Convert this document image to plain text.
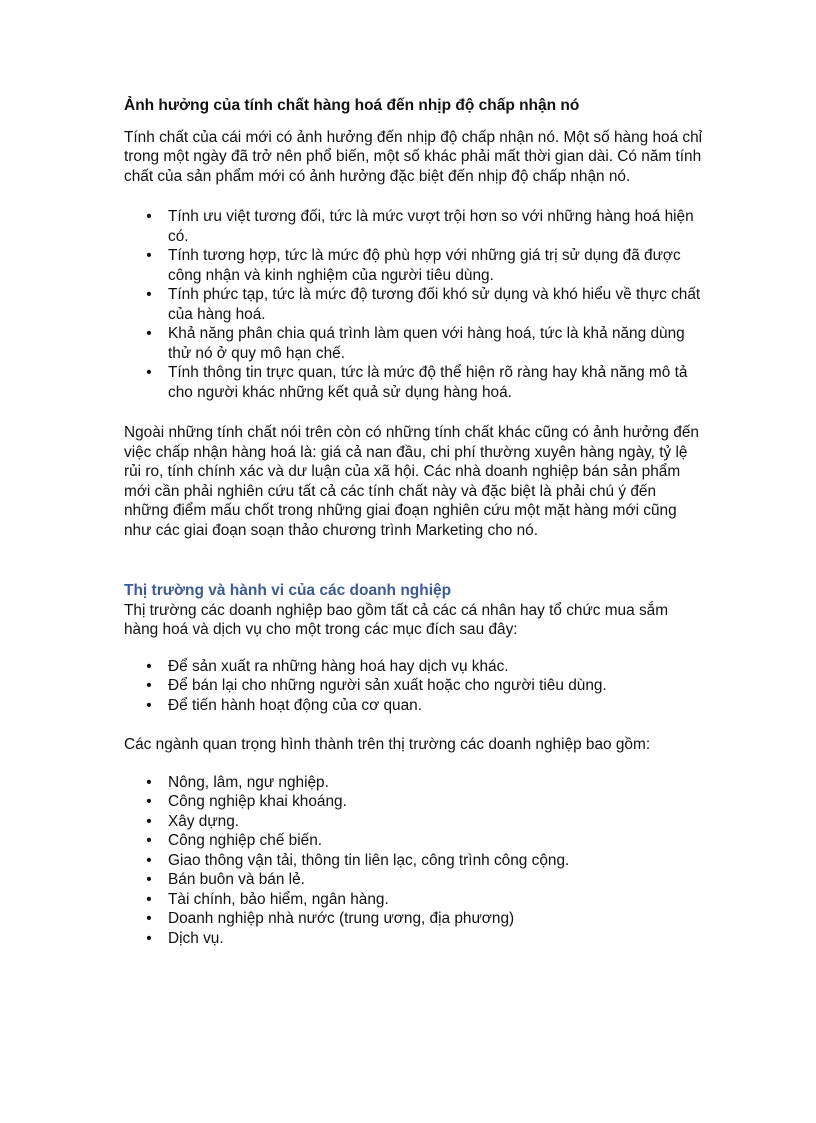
Ảnh hưởng của tính chất hàng hoá đến nhịp độ chấp nhận nó

Tính chất của cái mới có ảnh hưởng đến nhịp độ chấp nhận nó. Một số hàng hoá chỉ trong một ngày đã trở nên phổ biến, một số khác phải mất thời gian dài. Có năm tính chất của sản phẩm mới có ảnh hưởng đặc biệt đến nhịp độ chấp nhận nó.

• Tính ưu việt tương đối, tức là mức vượt trội hơn so với những hàng hoá hiện có.
• Tính tương hợp, tức là mức độ phù hợp với những giá trị sử dụng đã được công nhận và kinh nghiệm của người tiêu dùng.
• Tính phức tạp, tức là mức độ tương đối khó sử dụng và khó hiểu về thực chất của hàng hoá.
• Khả năng phân chia quá trình làm quen với hàng hoá, tức là khả năng dùng thử nó ở quy mô hạn chế.
• Tính thông tin trực quan, tức là mức độ thể hiện rõ ràng hay khả năng mô tả cho người khác những kết quả sử dụng hàng hoá.

Ngoài những tính chất nói trên còn có những tính chất khác cũng có ảnh hưởng đến việc chấp nhận hàng hoá là: giá cả nan đầu, chi phí thường xuyên hàng ngày, tỷ lệ rủi ro, tính chính xác và dư luận của xã hội. Các nhà doanh nghiệp bán sản phẩm mới cần phải nghiên cứu tất cả các tính chất này và đặc biệt là phải chú ý đến những điểm mấu chốt trong những giai đoạn nghiên cứu một mặt hàng mới cũng như các giai đoạn soạn thảo chương trình Marketing cho nó.

Thị trường và hành vi của các doanh nghiệp

Thị trường các doanh nghiệp bao gồm tất cả các cá nhân hay tổ chức mua sắm hàng hoá và dịch vụ cho một trong các mục đích sau đây:

• Để sản xuất ra những hàng hoá hay dịch vụ khác.
• Để bán lại cho những người sản xuất hoặc cho người tiêu dùng.
• Để tiến hành hoạt động của cơ quan.

Các ngành quan trọng hình thành trên thị trường các doanh nghiệp bao gồm:

• Nông, lâm, ngư nghiệp.
• Công nghiệp khai khoáng.
• Xây dựng.
• Công nghiệp chế biến.
• Giao thông vận tải, thông tin liên lạc, công trình công cộng.
• Bán buôn và bán lẻ.
• Tài chính, bảo hiểm, ngân hàng.
• Doanh nghiệp nhà nước (trung ương, địa phương)
• Dịch vụ.
